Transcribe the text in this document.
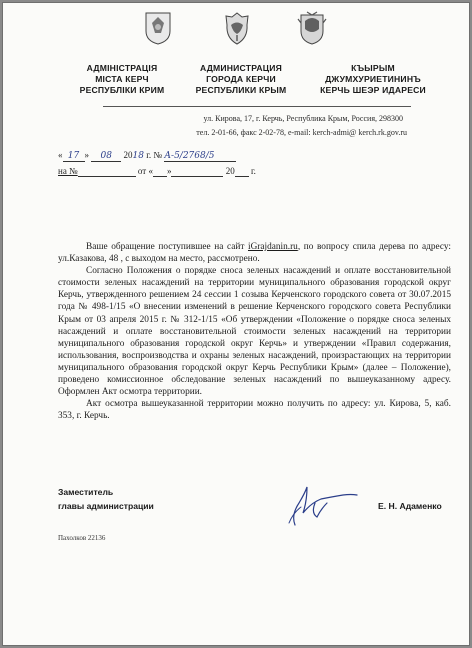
АДМІНІСТРАЦІЯ
МІСТА КЕРЧ
РЕСПУБЛІКИ КРИМ
АДМИНИСТРАЦИЯ
ГОРОДА КЕРЧИ
РЕСПУБЛИКИ КРЫМ
КЪЫРЫМ
ДЖУМХУРИЕТИНИНЪ
КЕРЧЬ ШЕЭР ИДАРЕСИ
ул. Кирова, 17, г. Керчь, Республика Крым, Россия, 298300
тел. 2-01-66, факс 2-02-78, e-mail: kerch-admi@ kerch.rk.gov.ru
« 17 » 08 2018 г. № А-5/2768/5
на №	от « »	20 г.

Ваше обращение поступившее на сайт iGrajdanin.ru, по вопросу спила дерева по адресу: ул.Казакова, 48 , с выходом на место, рассмотрено.

Согласно Положения о порядке сноса зеленых насаждений и оплате восстановительной стоимости зеленых насаждений на территории муниципального образования городской округ Керчь, утвержденного решением 24 сессии 1 созыва Керченского городского совета от 30.07.2015 года № 498-1/15 «О внесении изменений в решение Керченского городского совета Республики Крым от 03 апреля 2015 г. № 312-1/15 «Об утверждении «Положение о порядке сноса зеленых насаждений и оплате восстановительной стоимости зеленых насаждений на территории муниципального образования городской округ Керчь» и утверждении «Правил содержания, использования, воспроизводства и охраны зеленых насаждений, произрастающих на территории муниципального образования городской округ Керчь Республики Крым» (далее – Положение), проведено комиссионное обследование зеленых насаждений по вышеуказанному адресу. Оформлен Акт осмотра территории.

Акт осмотра вышеуказанной территории можно получить по адресу: ул. Кирова, 5, каб. 353, г. Керчь.

Заместитель
главы администрации	Е. Н. Адаменко
Пахолков 22136
